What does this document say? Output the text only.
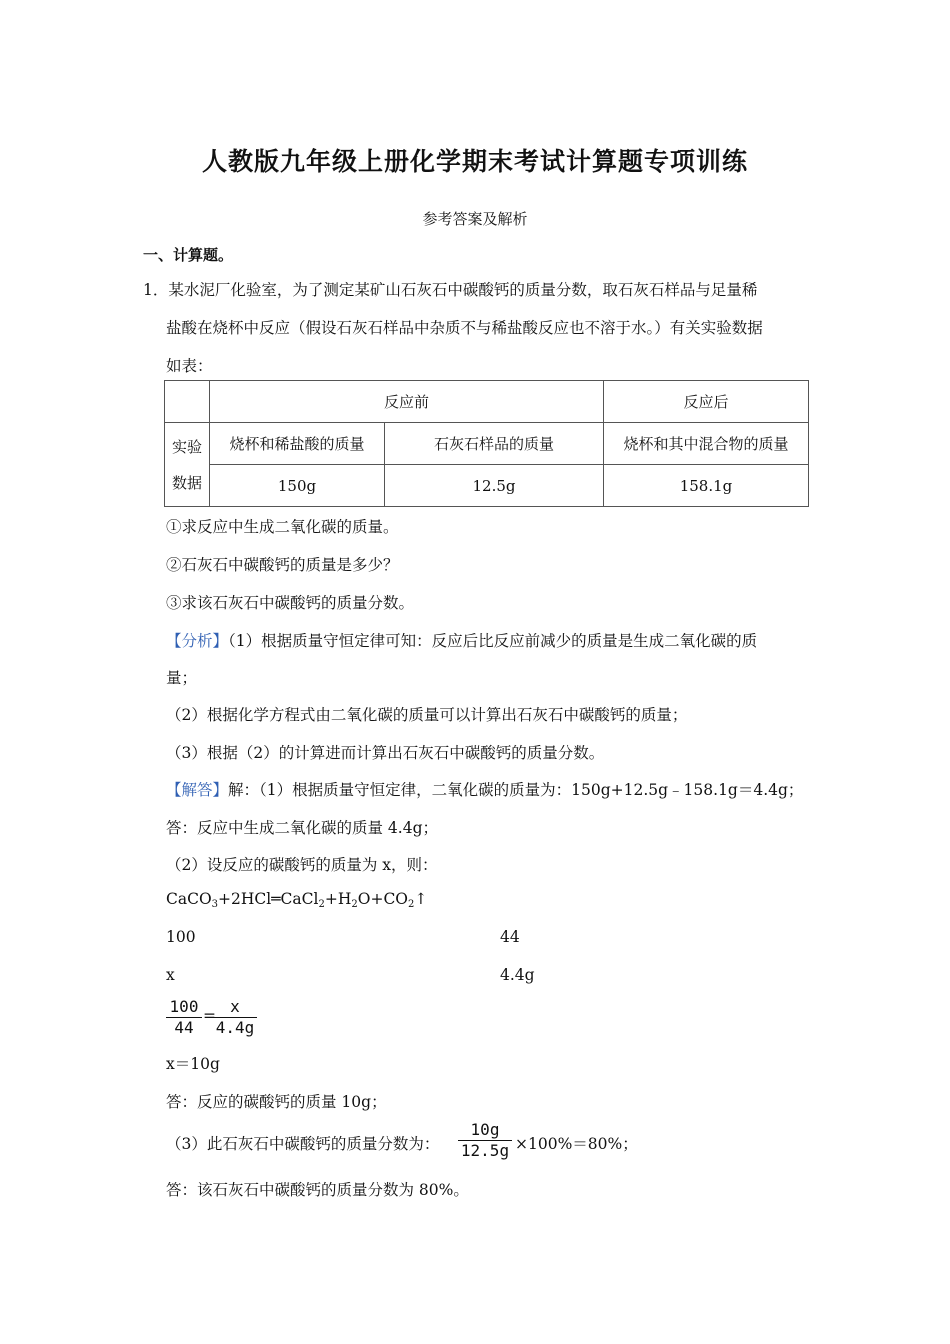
人教版九年级上册化学期末考试计算题专项训练
参考答案及解析
一、计算题。
1．某水泥厂化验室，为了测定某矿山石灰石中碳酸钙的质量分数，取石灰石样品与足量稀
盐酸在烧杯中反应（假设石灰石样品中杂质不与稀盐酸反应也不溶于水。）有关实验数据
如表：
	反应前		反应后
实验
数据	烧杯和稀盐酸的质量	石灰石样品的质量	烧杯和其中混合物的质量
	150g	12.5g	158.1g
①求反应中生成二氧化碳的质量。
②石灰石中碳酸钙的质量是多少？
③求该石灰石中碳酸钙的质量分数。
【分析】（1）根据质量守恒定律可知：反应后比反应前减少的质量是生成二氧化碳的质
量；
（2）根据化学方程式由二氧化碳的质量可以计算出石灰石中碳酸钙的质量；
（3）根据（2）的计算进而计算出石灰石中碳酸钙的质量分数。
【解答】解：（1）根据质量守恒定律，二氧化碳的质量为：150g+12.5g﹣158.1g＝4.4g；
答：反应中生成二氧化碳的质量 4.4g；
（2）设反应的碳酸钙的质量为 x，则：
$CaCO_3+2HCl═CaCl_2+H_2O+CO_2↑$
100	44
x	4.4g
100
44
= x
4.4g
x＝10g
答：反应的碳酸钙的质量 10g；
（3）此石灰石中碳酸钙的质量分数为：
10g
12.5g ×100%＝80%；
答：该石灰石中碳酸钙的质量分数为 80%。
